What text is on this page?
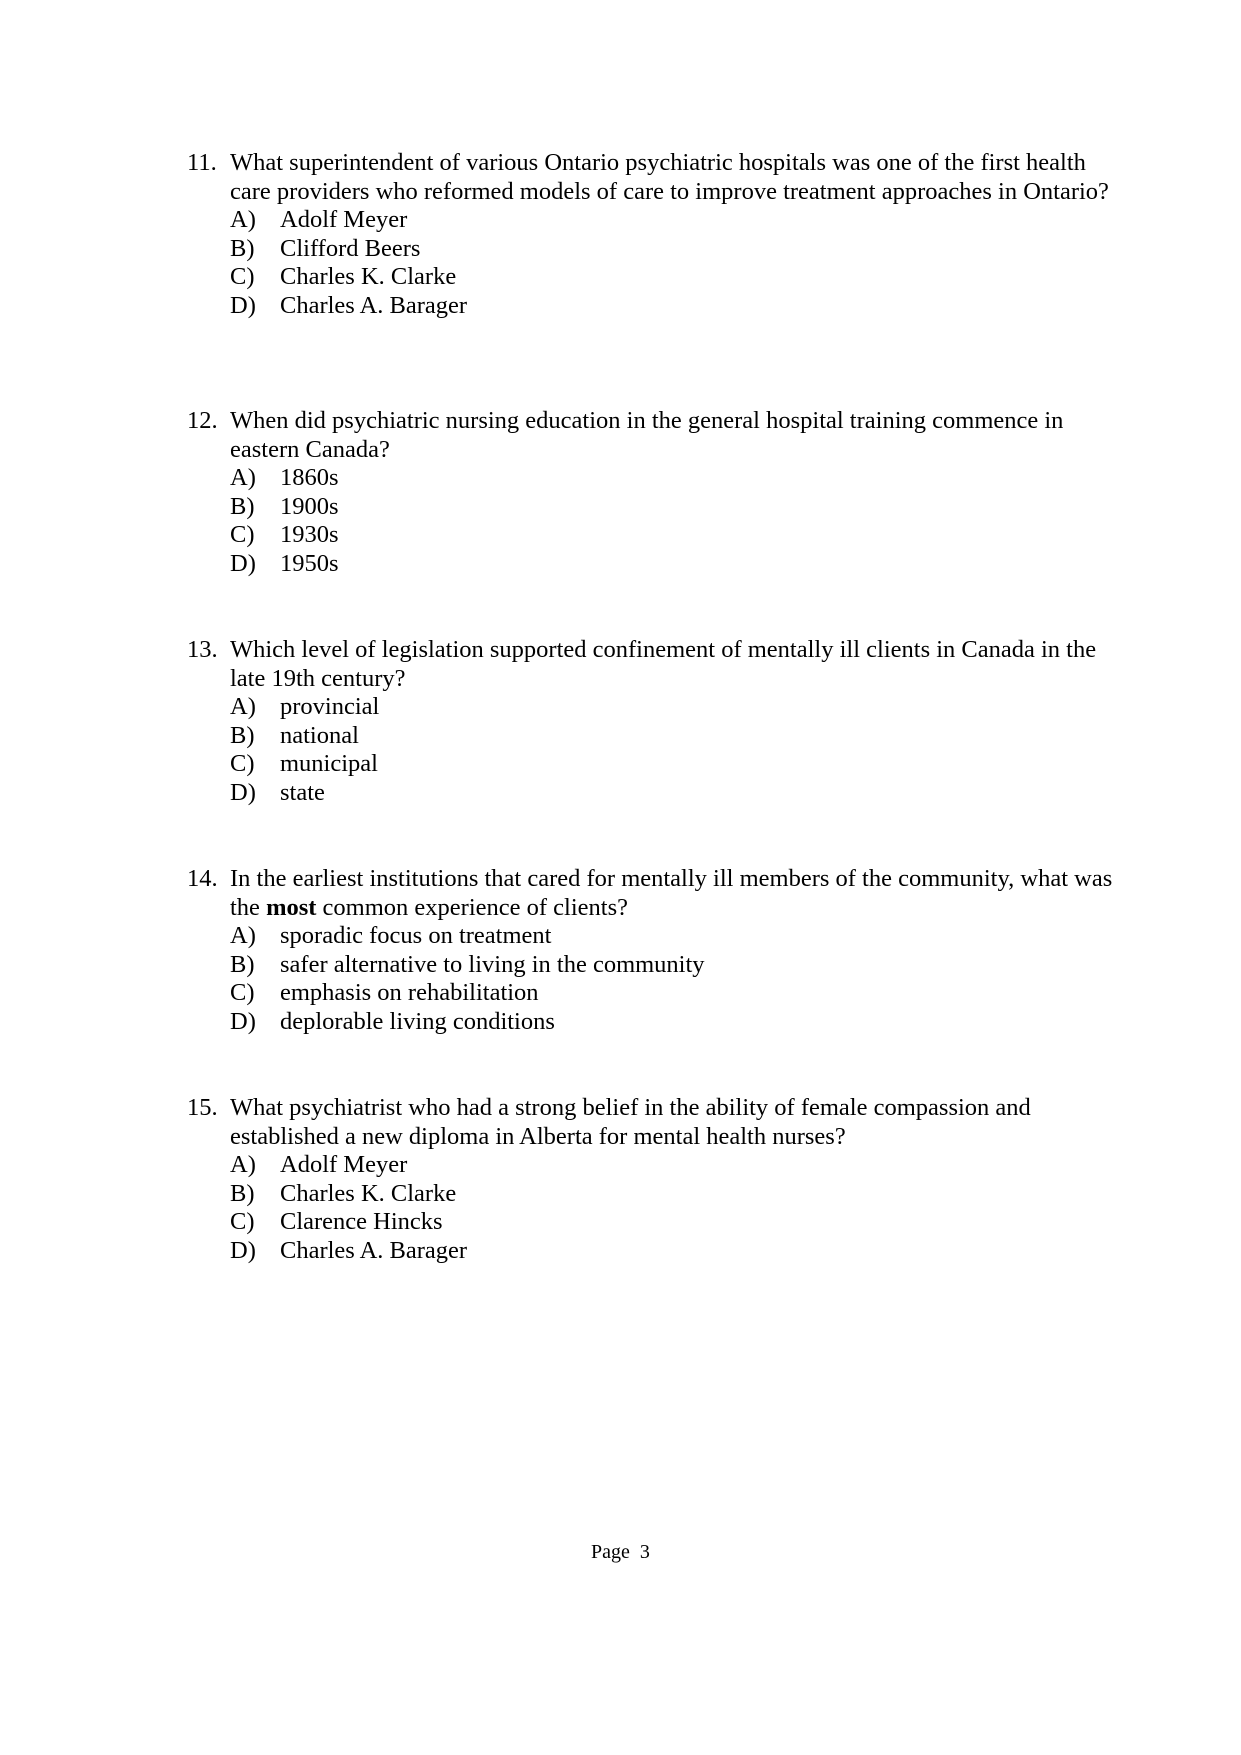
11. What superintendent of various Ontario psychiatric hospitals was one of the first health care providers who reformed models of care to improve treatment approaches in Ontario?
A) Adolf Meyer
B)	Clifford Beers
C)	Charles K. Clarke
D) Charles A. Barager
12. When did psychiatric nursing education in the general hospital training commence in eastern Canada?
A) 1860s
B)	1900s
C)	1930s
D) 1950s
13. Which level of legislation supported confinement of mentally ill clients in Canada in the late 19th century?
A) provincial
B)	national
C)	municipal
D) state
14. In the earliest institutions that cared for mentally ill members of the community, what was the most common experience of clients?
A) sporadic focus on treatment
B)	safer alternative to living in the community
C)	emphasis on rehabilitation
D) deplorable living conditions
15. What psychiatrist who had a strong belief in the ability of female compassion and established a new diploma in Alberta for mental health nurses?
A) Adolf Meyer
B)	Charles K. Clarke
C)	Clarence Hincks
D) Charles A. Barager
Page  3
